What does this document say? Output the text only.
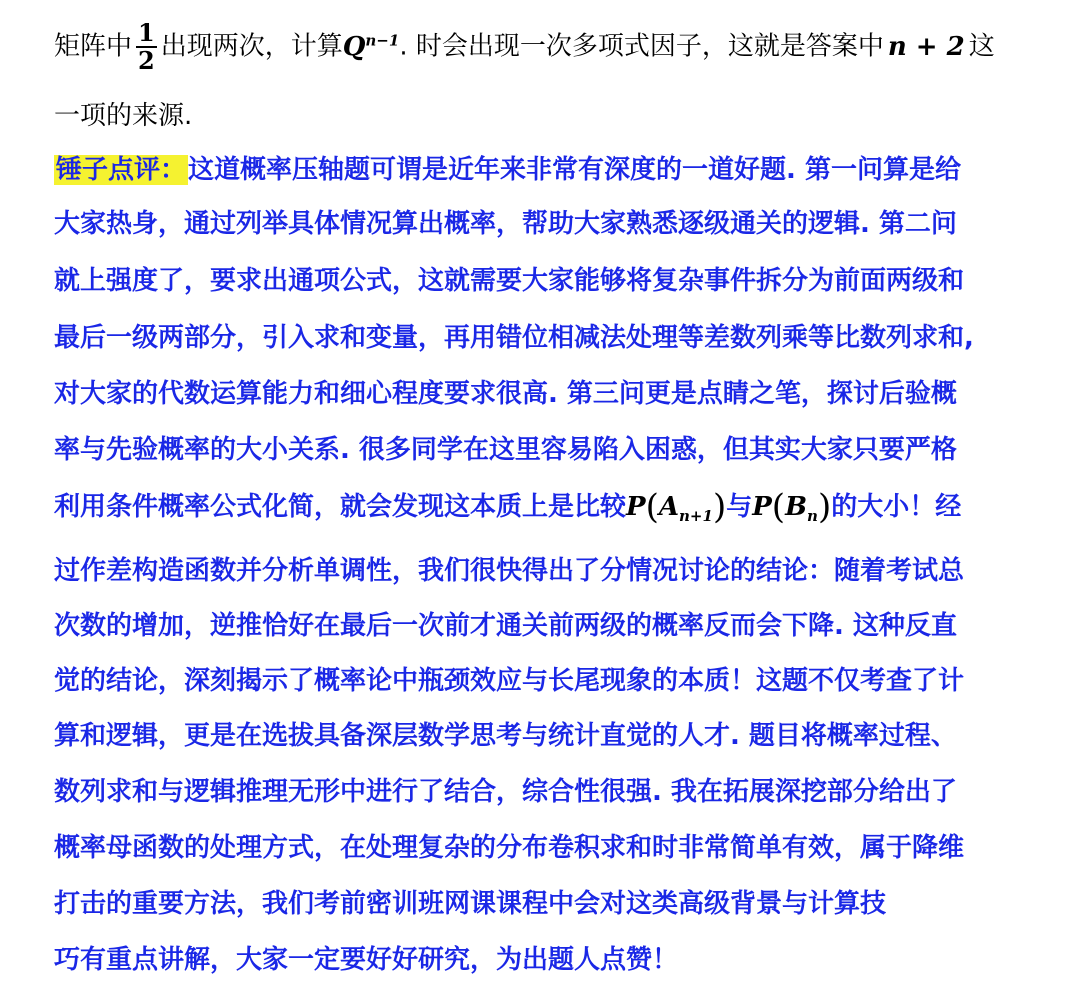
矩阵中 $\frac{1}{2}$ 出现两次，计算$Q^{n-1}$. 时会出现一次多项式因子，这就是答案中 n + 2 这
一项的来源.
锤子点评：这道概率压轴题可谓是近年来非常有深度的一道好题. 第一问算是给
大家热身，通过列举具体情况算出概率，帮助大家熟悉逐级通关的逻辑. 第二问
就上强度了，要求出通项公式，这就需要大家能够将复杂事件拆分为前面两级和
最后一级两部分，引入求和变量，再用错位相减法处理等差数列乘等比数列求和,
对大家的代数运算能力和细心程度要求很高. 第三问更是点睛之笔，探讨后验概
率与先验概率的大小关系. 很多同学在这里容易陷入困惑，但其实大家只要严格
利用条件概率公式化简，就会发现这本质上是比较$P(A_{n+1})$与$P(B_n)$的大小！经
过作差构造函数并分析单调性，我们很快得出了分情况讨论的结论：随着考试总
次数的增加，逆推恰好在最后一次前才通关前两级的概率反而会下降. 这种反直
觉的结论，深刻揭示了概率论中瓶颈效应与长尾现象的本质！这题不仅考查了计
算和逻辑，更是在选拔具备深层数学思考与统计直觉的人才. 题目将概率过程、
数列求和与逻辑推理无形中进行了结合，综合性很强. 我在拓展深挖部分给出了
概率母函数的处理方式，在处理复杂的分布卷积求和时非常简单有效，属于降维
打击的重要方法，我们考前密训班网课课程中会对这类高级背景与计算技
巧有重点讲解，大家一定要好好研究，为出题人点赞！
